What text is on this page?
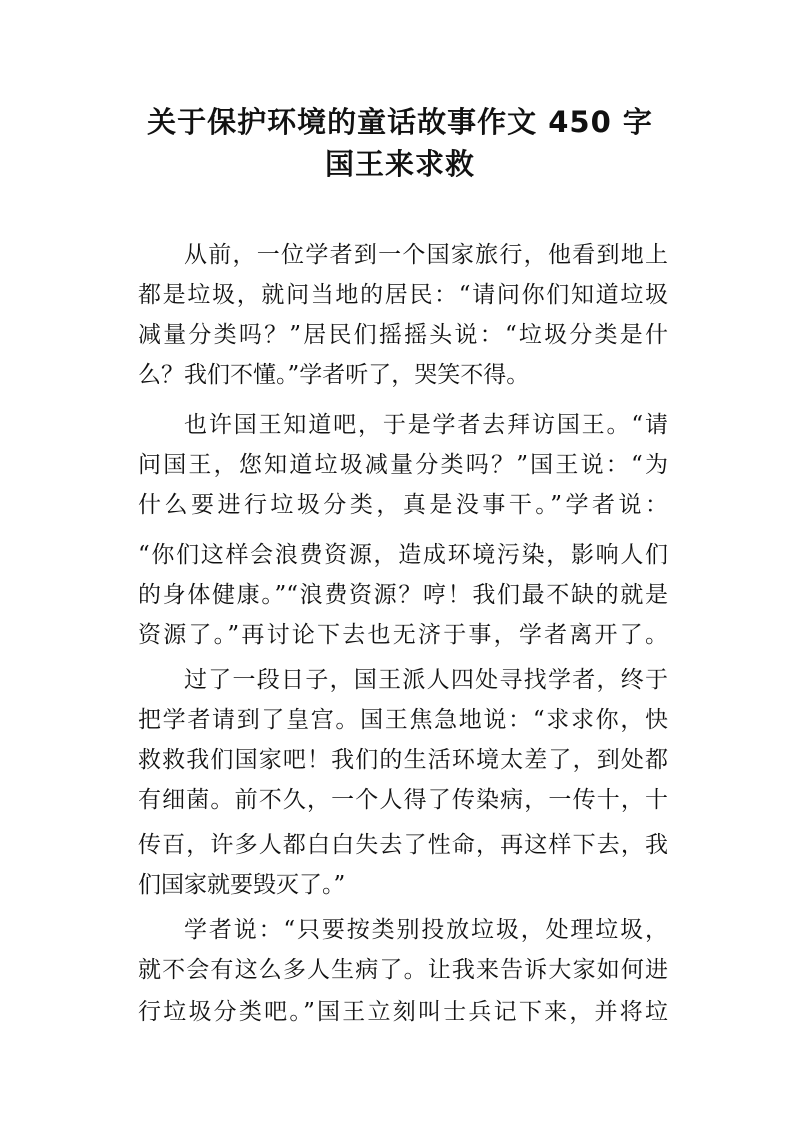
关于保护环境的童话故事作文 450 字
国王来求救
从前，一位学者到一个国家旅行，他看到地上
都是垃圾，就问当地的居民：“请问你们知道垃圾
减量分类吗？”居民们摇摇头说：“垃圾分类是什
么？我们不懂。”学者听了，哭笑不得。
也许国王知道吧，于是学者去拜访国王。“请
问国王，您知道垃圾减量分类吗？”国王说：“为
什么要进行垃圾分类，真是没事干。”学者说：
“你们这样会浪费资源，造成环境污染，影响人们
的身体健康。”“浪费资源？哼！我们最不缺的就是
资源了。”再讨论下去也无济于事，学者离开了。
过了一段日子，国王派人四处寻找学者，终于
把学者请到了皇宫。国王焦急地说：“求求你，快
救救我们国家吧！我们的生活环境太差了，到处都
有细菌。前不久，一个人得了传染病，一传十，十
传百，许多人都白白失去了性命，再这样下去，我
们国家就要毁灭了。”
学者说：“只要按类别投放垃圾，处理垃圾，
就不会有这么多人生病了。让我来告诉大家如何进
行垃圾分类吧。”国王立刻叫士兵记下来，并将垃
